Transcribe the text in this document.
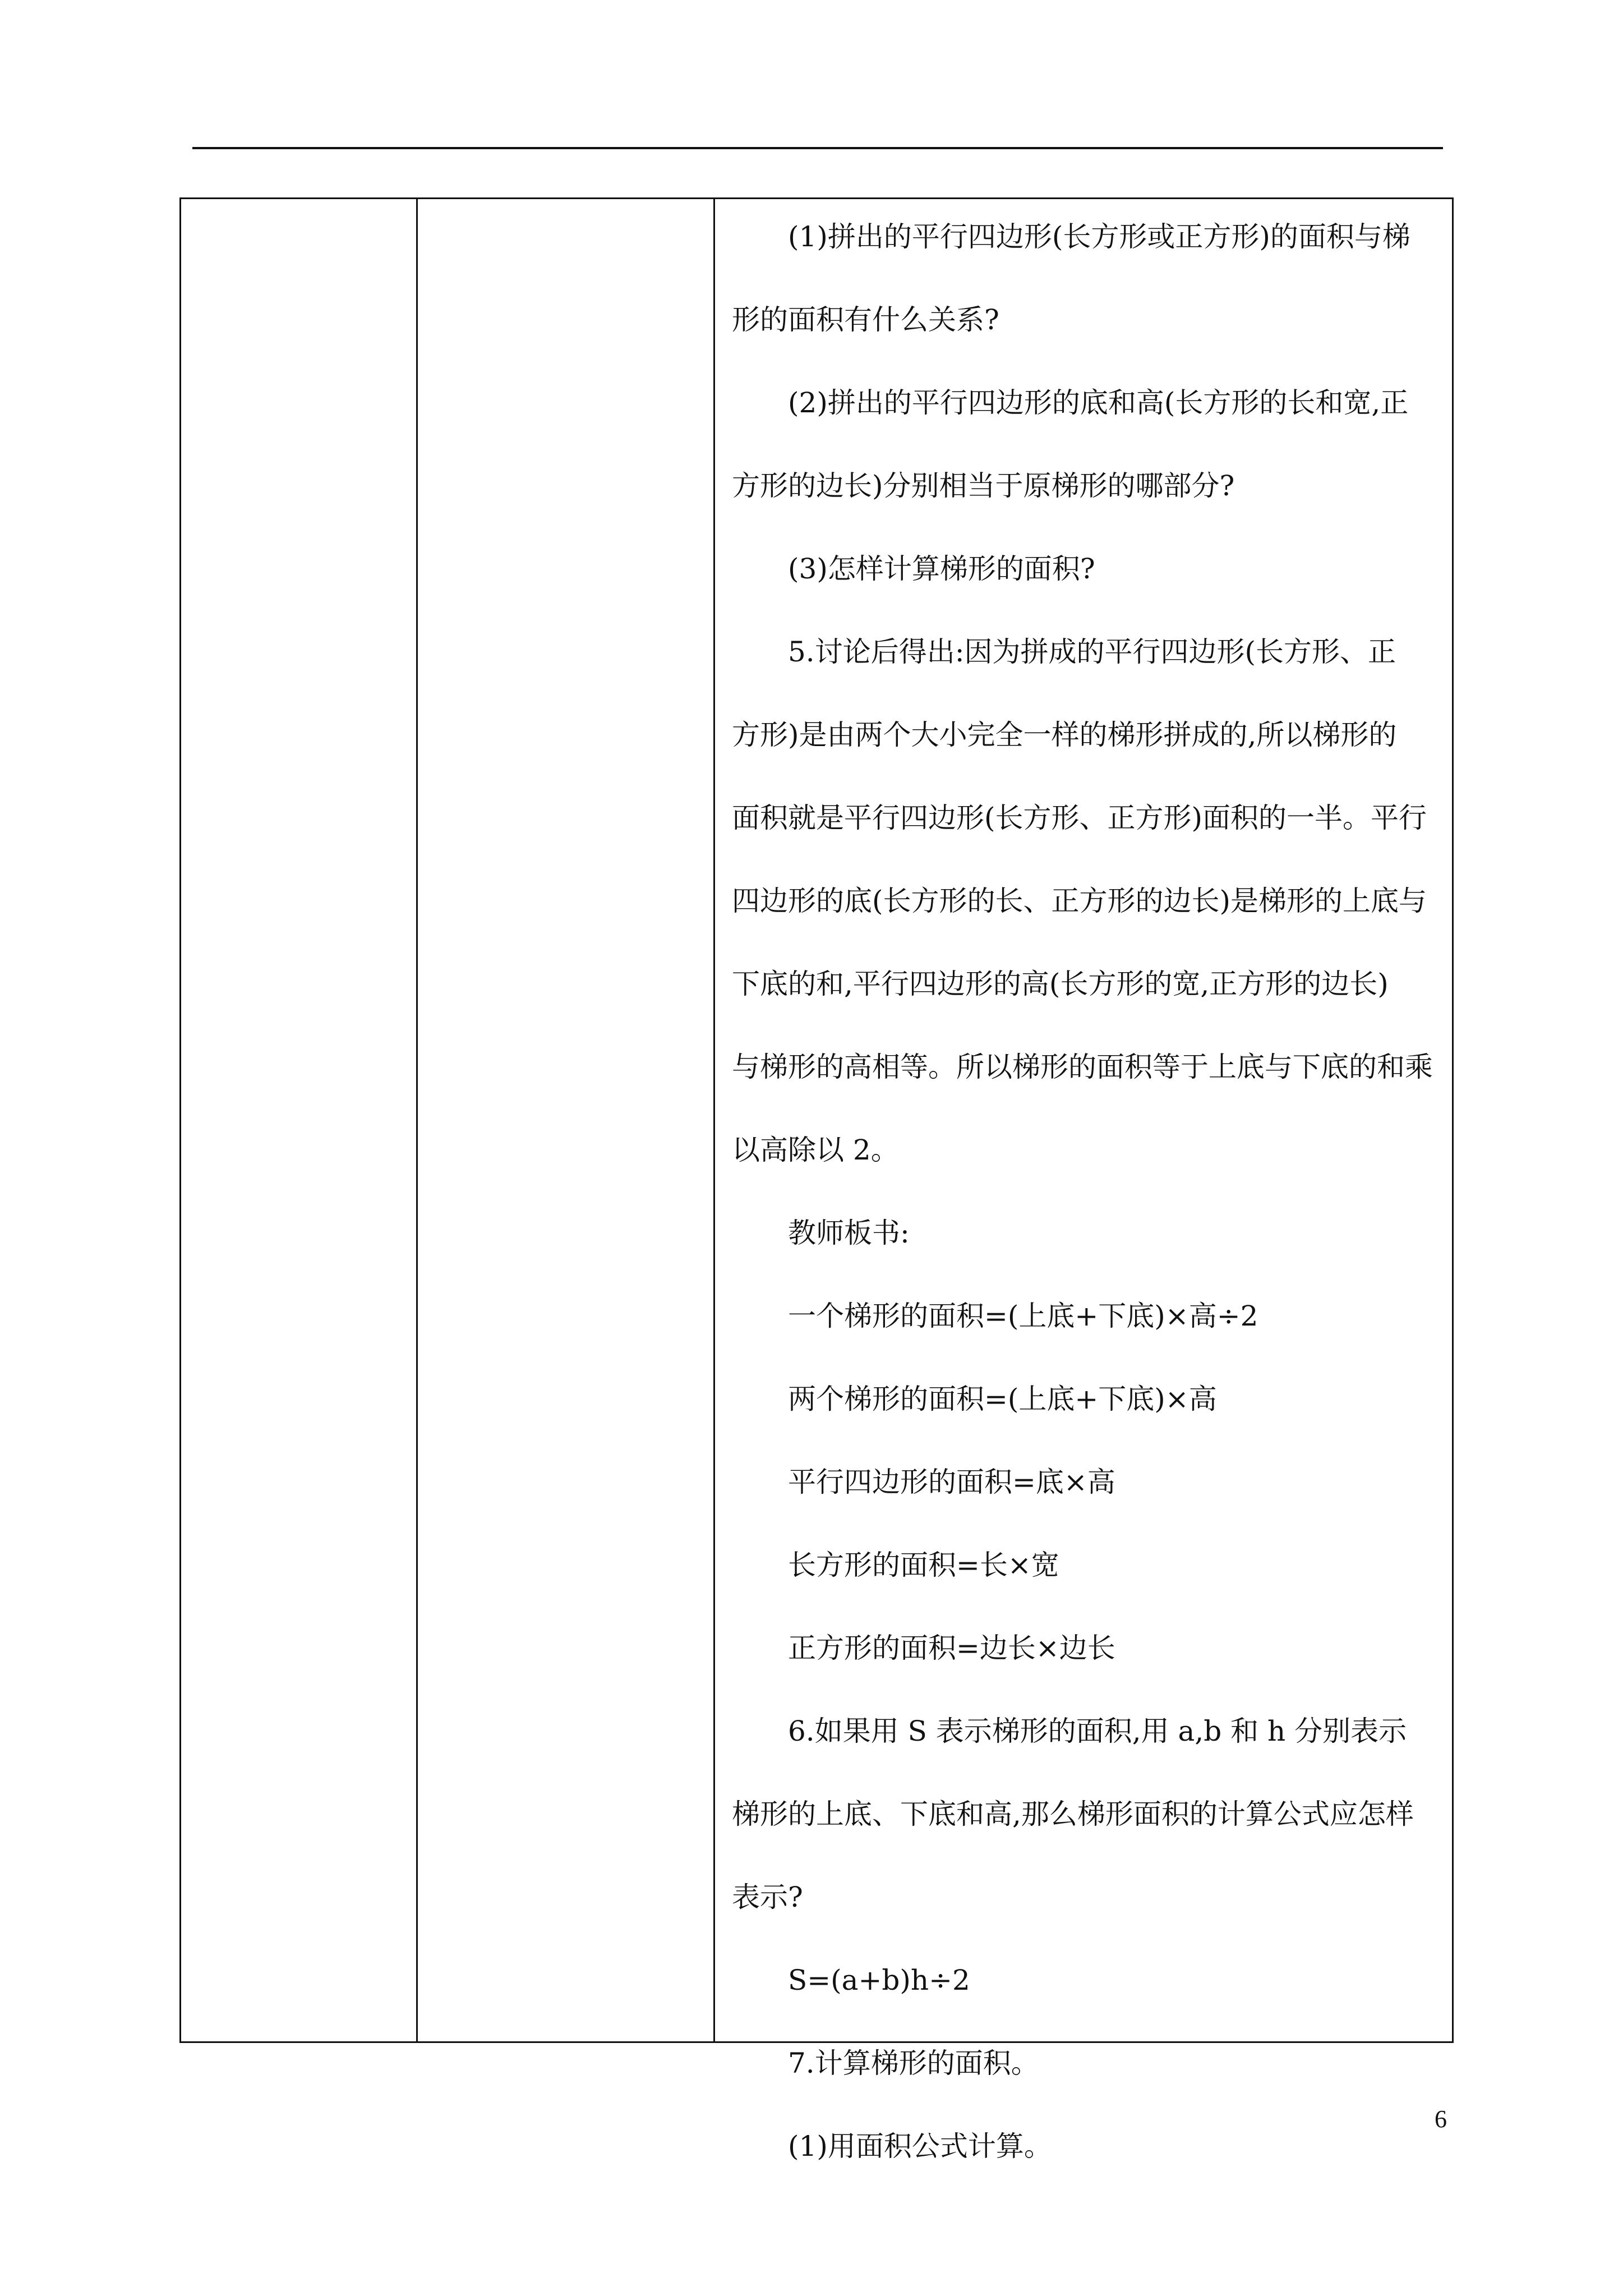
(1)拼出的平行四边形(长方形或正方形)的面积与梯
形的面积有什么关系?
(2)拼出的平行四边形的底和高(长方形的长和宽,正
方形的边长)分别相当于原梯形的哪部分?
(3)怎样计算梯形的面积?
5.讨论后得出:因为拼成的平行四边形(长方形、正
方形)是由两个大小完全一样的梯形拼成的,所以梯形的
面积就是平行四边形(长方形、正方形)面积的一半。平行
四边形的底(长方形的长、正方形的边长)是梯形的上底与
下底的和,平行四边形的高(长方形的宽,正方形的边长)
与梯形的高相等。所以梯形的面积等于上底与下底的和乘
以高除以 2。
教师板书:
一个梯形的面积=(上底+下底)×高÷2
两个梯形的面积=(上底+下底)×高
平行四边形的面积=底×高
长方形的面积=长×宽
正方形的面积=边长×边长
6.如果用 S 表示梯形的面积,用 a,b 和 h 分别表示
梯形的上底、下底和高,那么梯形面积的计算公式应怎样
表示?
S=(a+b)h÷2
7.计算梯形的面积。
(1)用面积公式计算。
6
